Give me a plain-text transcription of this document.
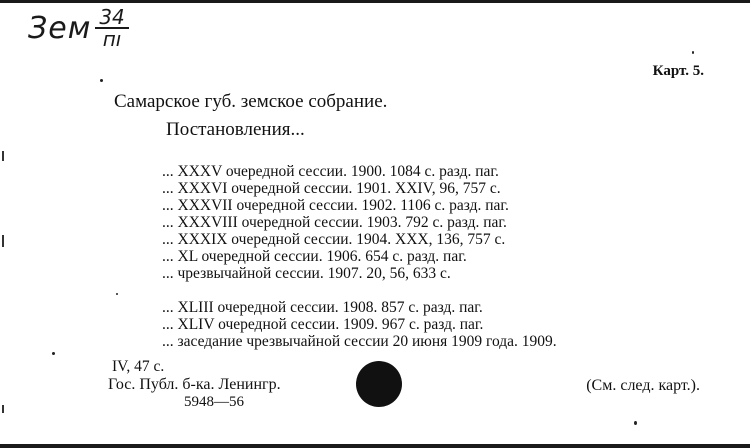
Зем $\frac{34}{пı}$
Карт. 5.
Самарское губ. земское собрание.
Постановления...
... XXXV очередной сессии. 1900. 1084 с. разд. паг.
... XXXVI очередной сессии. 1901. XXIV, 96, 757 с.
... XXXVII очередной сессии. 1902. 1106 с. разд. паг.
... XXXVIII очередной сессии. 1903. 792 с. разд. паг.
... XXXIX очередной сессии. 1904. XXX, 136, 757 с.
... XL очередной сессии. 1906. 654 с. разд. паг.
... чрезвычайной сессии. 1907. 20, 56, 633 с.
... XLIII очередной сессии. 1908. 857 с. разд. паг.
... XLIV очередной сессии. 1909. 967 с. разд. паг.
... заседание чрезвычайной сессии 20 июня 1909 года. 1909.
IV, 47 с.
Гос. Публ. б-ка. Ленингр.
5948—56
(См. след. карт.).
